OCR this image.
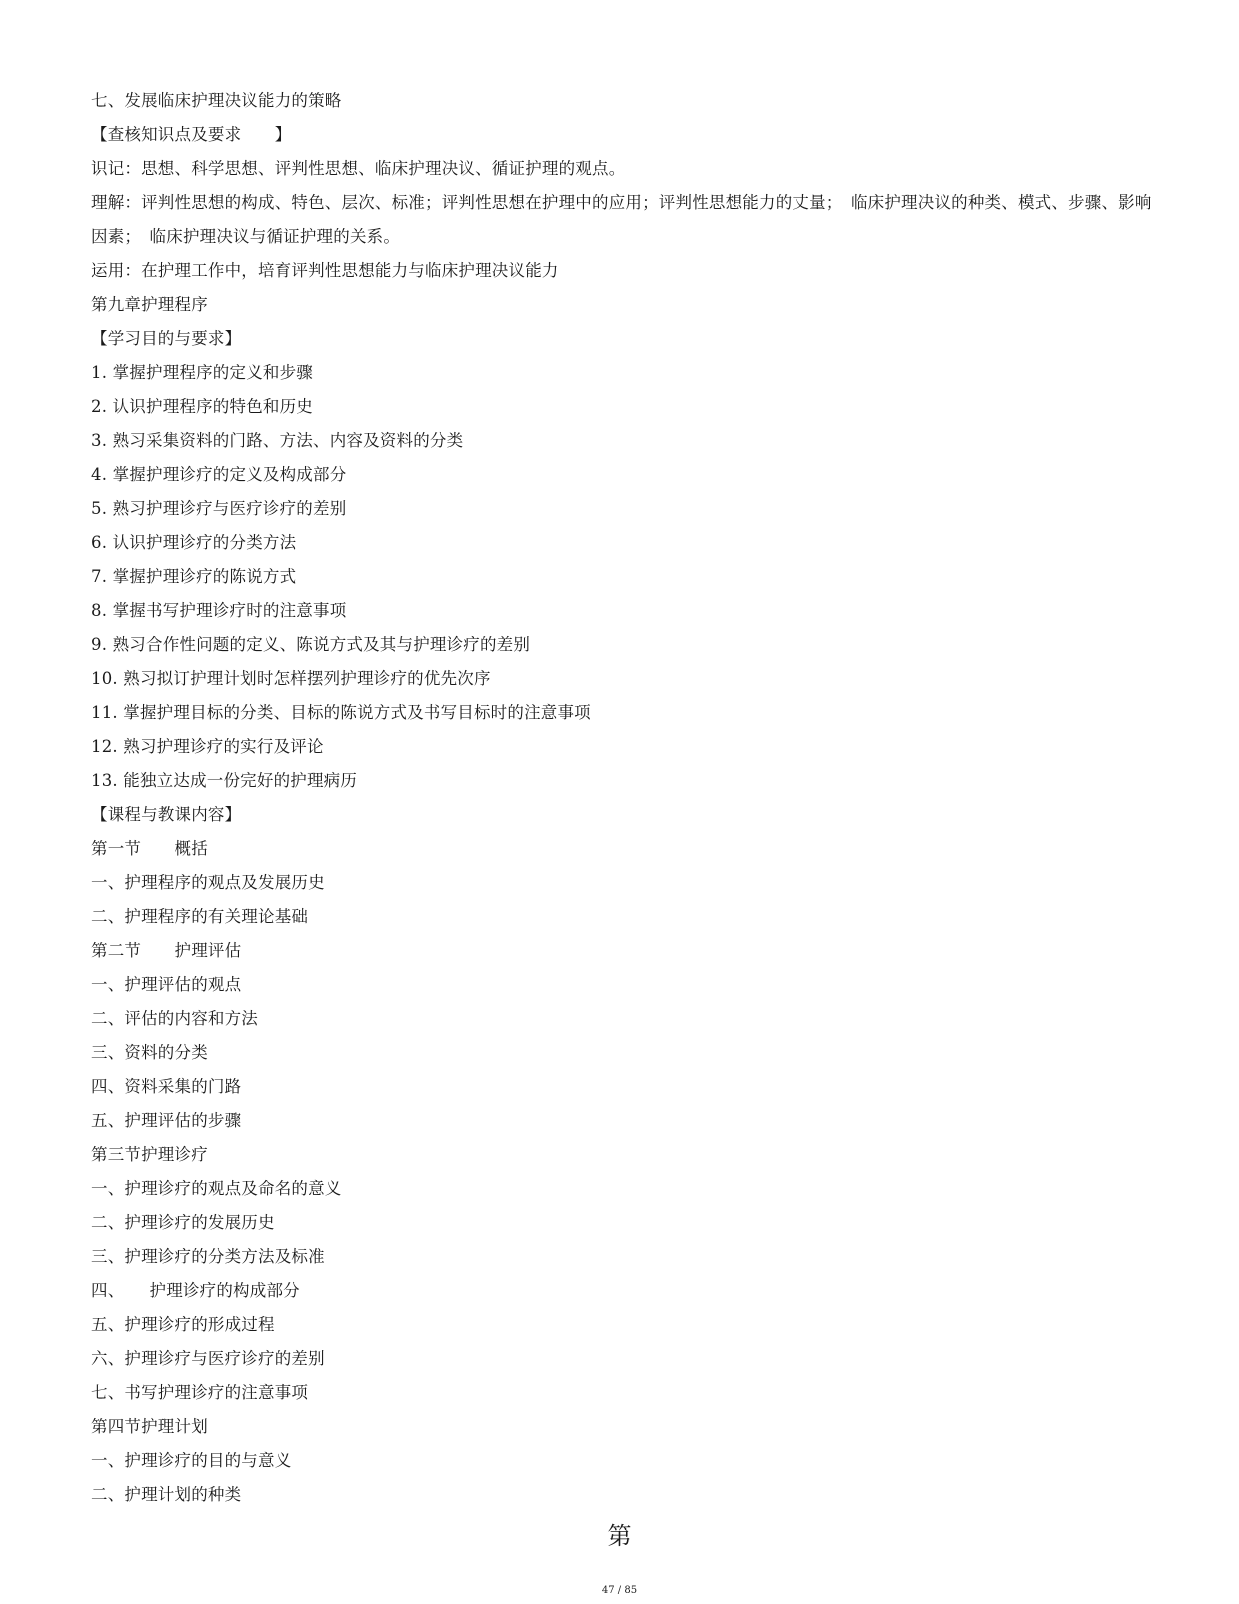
七、发展临床护理决议能力的策略
【查核知识点及要求　　】
识记：思想、科学思想、评判性思想、临床护理决议、循证护理的观点。
理解：评判性思想的构成、特色、层次、标准；评判性思想在护理中的应用；评判性思想能力的丈量；　临床护理决议的种类、模式、步骤、影响因素；　临床护理决议与循证护理的关系。
运用：在护理工作中，培育评判性思想能力与临床护理决议能力
第九章护理程序
【学习目的与要求】
1. 掌握护理程序的定义和步骤
2. 认识护理程序的特色和历史
3. 熟习采集资料的门路、方法、内容及资料的分类
4. 掌握护理诊疗的定义及构成部分
5. 熟习护理诊疗与医疗诊疗的差别
6. 认识护理诊疗的分类方法
7. 掌握护理诊疗的陈说方式
8. 掌握书写护理诊疗时的注意事项
9. 熟习合作性问题的定义、陈说方式及其与护理诊疗的差别
10. 熟习拟订护理计划时怎样摆列护理诊疗的优先次序
11. 掌握护理目标的分类、目标的陈说方式及书写目标时的注意事项
12. 熟习护理诊疗的实行及评论
13. 能独立达成一份完好的护理病历
【课程与教课内容】
第一节　　概括
一、护理程序的观点及发展历史
二、护理程序的有关理论基础
第二节　　护理评估
一、护理评估的观点
二、评估的内容和方法
三、资料的分类
四、资料采集的门路
五、护理评估的步骤
第三节护理诊疗
一、护理诊疗的观点及命名的意义
二、护理诊疗的发展历史
三、护理诊疗的分类方法及标准
四、　　护理诊疗的构成部分
五、护理诊疗的形成过程
六、护理诊疗与医疗诊疗的差别
七、书写护理诊疗的注意事项
第四节护理计划
一、护理诊疗的目的与意义
二、护理计划的种类
第
47 / 85
